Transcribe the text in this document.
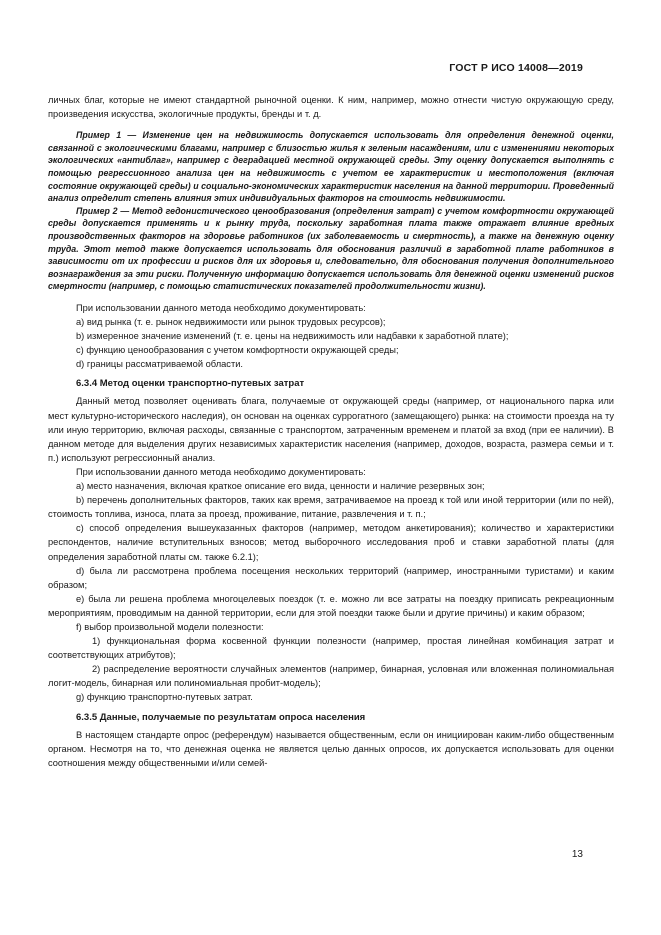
ГОСТ Р ИСО 14008—2019

личных благ, которые не имеют стандартной рыночной оценки. К ним, например, можно отнести чистую окружающую среду, произведения искусства, экологичные продукты, бренды и т. д.

Пример 1 — Изменение цен на недвижимость допускается использовать для определения денежной оценки, связанной с экологическими благами, например с близостью жилья к зеленым насаждениям, или с изменениями некоторых экологических «антиблаг», например с деградацией местной окружающей среды. Эту оценку допускается выполнять с помощью регрессионного анализа цен на недвижимость с учетом ее характеристик и местоположения (включая состояние окружающей среды) и социально-экономических характеристик населения на данной территории. Проведенный анализ определит степень влияния этих индивидуальных факторов на стоимость недвижимости.

Пример 2 — Метод гедонистического ценообразования (определения затрат) с учетом комфортности окружающей среды допускается применять и к рынку труда, поскольку заработная плата также отражает влияние вредных производственных факторов на здоровье работников (их заболеваемость и смертность), а также на денежную оценку труда. Этот метод также допускается использовать для обоснования различий в заработной плате работников в зависимости от их профессии и рисков для их здоровья и, следовательно, для обоснования получения дополнительного вознаграждения за эти риски. Полученную информацию допускается использовать для денежной оценки изменений рисков смертности (например, с помощью статистических показателей продолжительности жизни).

При использовании данного метода необходимо документировать:

a) вид рынка (т. е. рынок недвижимости или рынок трудовых ресурсов);

b) измеренное значение изменений (т. е. цены на недвижимость или надбавки к заработной плате);

c) функцию ценообразования с учетом комфортности окружающей среды;

d) границы рассматриваемой области.

6.3.4 Метод оценки транспортно-путевых затрат

Данный метод позволяет оценивать блага, получаемые от окружающей среды (например, от национального парка или мест культурно-исторического наследия), он основан на оценках суррогатного (замещающего) рынка: на стоимости проезда на ту или иную территорию, включая расходы, связанные с транспортом, затраченным временем и платой за вход (при ее наличии). В данном методе для выделения других независимых характеристик населения (например, доходов, возраста, размера семьи и т. п.) используют регрессионный анализ.

При использовании данного метода необходимо документировать:

a) место назначения, включая краткое описание его вида, ценности и наличие резервных зон;

b) перечень дополнительных факторов, таких как время, затрачиваемое на проезд к той или иной территории (или по ней), стоимость топлива, износа, плата за проезд, проживание, питание, развлечения и т. п.;

c) способ определения вышеуказанных факторов (например, методом анкетирования); количество и характеристики респондентов, наличие вступительных взносов; метод выборочного исследования проб и ставки заработной платы (для определения заработной платы см. также 6.2.1);

d) была ли рассмотрена проблема посещения нескольких территорий (например, иностранными туристами) и каким образом;

e) была ли решена проблема многоцелевых поездок (т. е. можно ли все затраты на поездку приписать рекреационным мероприятиям, проводимым на данной территории, если для этой поездки также были и другие причины) и каким образом;

f) выбор произвольной модели полезности:

1) функциональная форма косвенной функции полезности (например, простая линейная комбинация затрат и соответствующих атрибутов);

2) распределение вероятности случайных элементов (например, бинарная, условная или вложенная полиномиальная логит-модель, бинарная или полиномиальная пробит-модель);

g) функцию транспортно-путевых затрат.

6.3.5 Данные, получаемые по результатам опроса населения

В настоящем стандарте опрос (референдум) называется общественным, если он инициирован каким-либо общественным органом. Несмотря на то, что денежная оценка не является целью данных опросов, их допускается использовать для оценки соотношения между общественными и/или семей-

13
